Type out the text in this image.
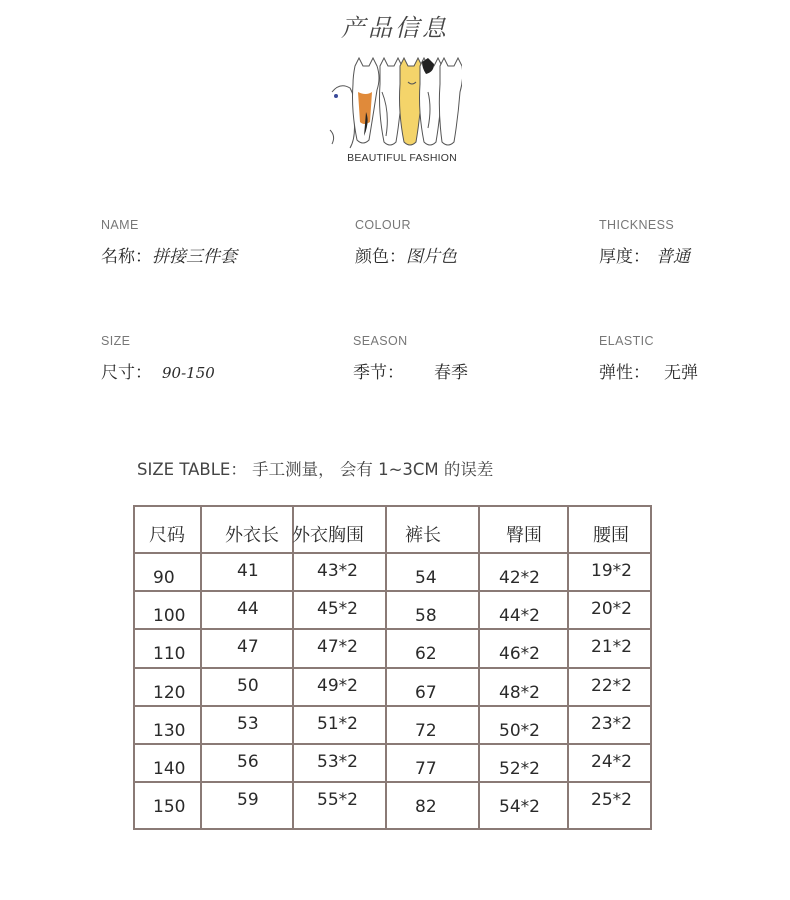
产品信息
BEAUTIFUL FASHION
NAME
名称：拼接三件套
COLOUR
颜色：图片色
THICKNESS
厚度： 普通
SIZE
尺寸： 90-150
SEASON
季节： 春季
ELASTIC
弹性： 无弹
SIZE TABLE： 手工测量， 会有 1~3CM 的误差
尺码 外衣长 外衣胸围 裤长	臀围	腰围
90	41	43*2	54	42*2	19*2
100	44	45*2	58	44*2	20*2
110	47	47*2	62	46*2	21*2
120	50	49*2	67	48*2	22*2
130	53	51*2	72	50*2	23*2
140	56	53*2	77	52*2	24*2
150	59	55*2	82	54*2	25*2
